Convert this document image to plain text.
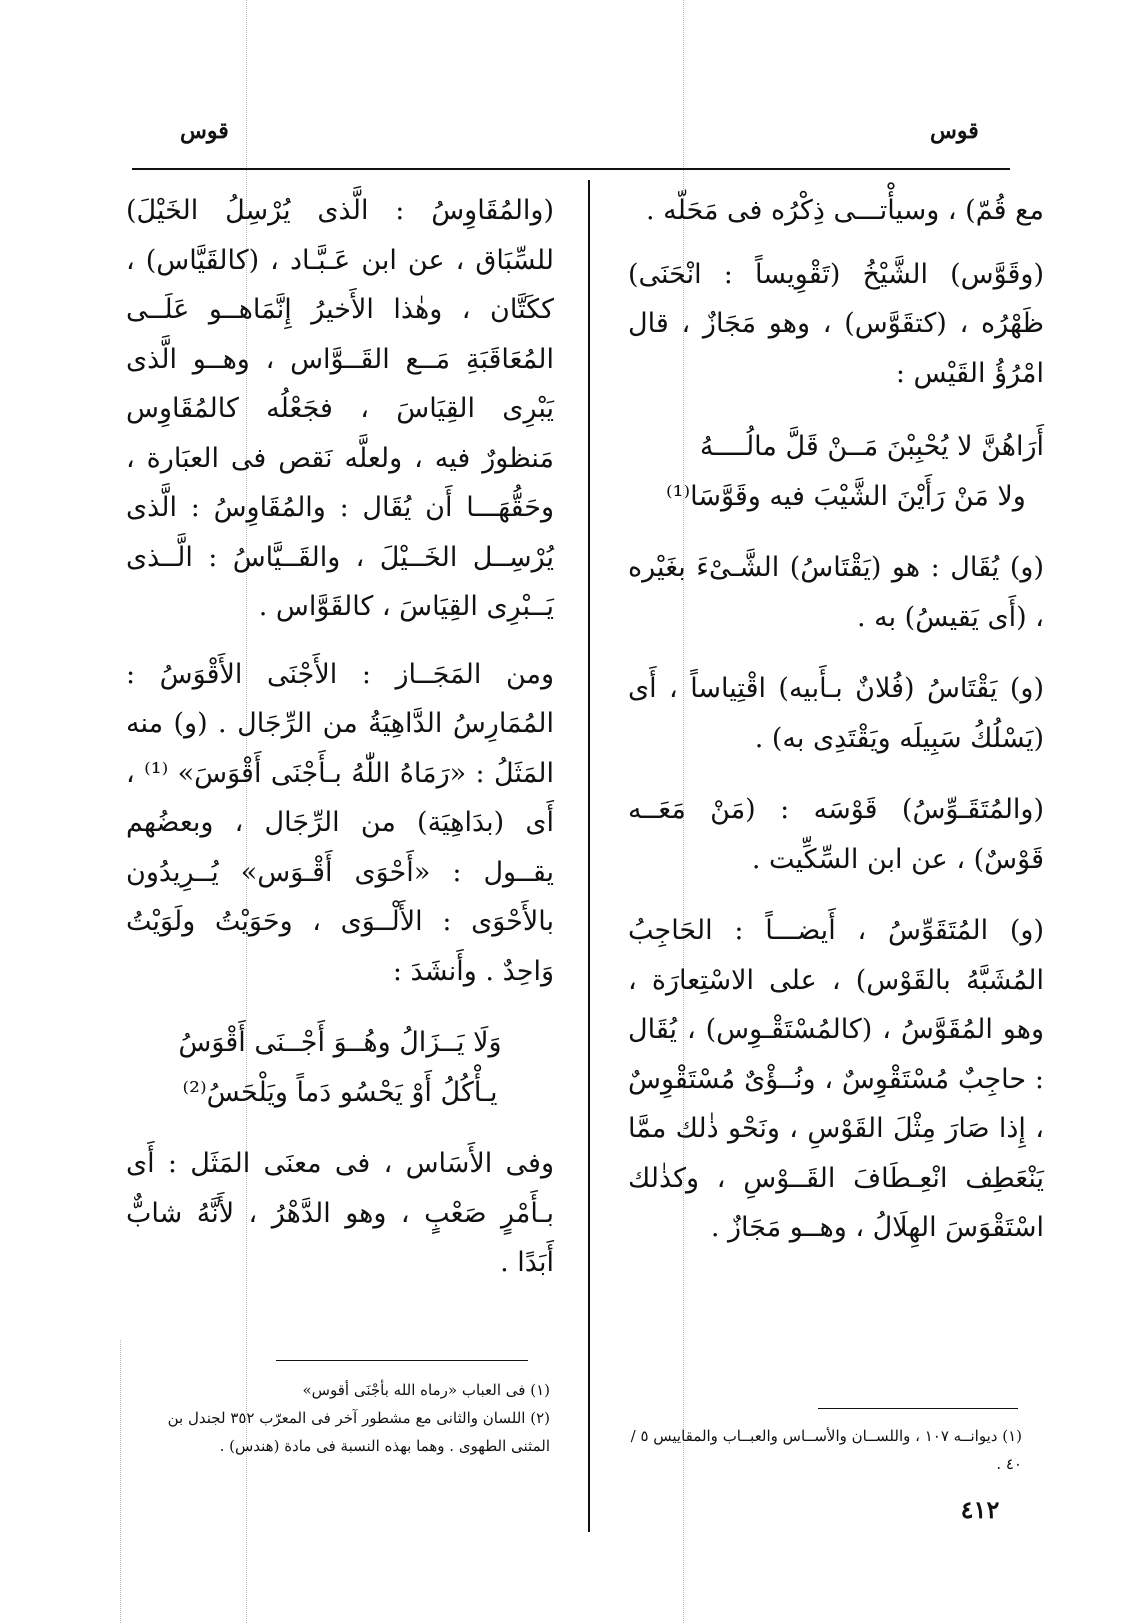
قوس
قوس

مع قُمّ) ، وسيأْتـــى ذِكْرُه فى مَحَلّه .

(وقَوَّس) الشَّيْخُ (تَقْوِيساً : انْحَنَى) ظَهْرُه ، (كتقَوَّس) ، وهو مَجَازٌ ، قال امْرُؤُ القَيْس :

أَرَاهُنَّ لا يُحْبِبْنَ مَــنْ قَلَّ مالُــــهُ

ولا مَنْ رَأَيْنَ الشَّيْبَ فيه وقَوَّسَا⁽¹⁾

(و) يُقَال : هو (يَقْتَاسُ) الشَّـىْءَ بغَيْره ، (أَى يَقيسُ) به .

(و) يَقْتَاسُ (فُلانٌ بـأَبيه) اقْتِياساً ، أَى (يَسْلُكُ سَبِيلَه ويَقْتَدِى به) .

(والمُتَقَـوِّسُ) قَوْسَه : (مَنْ مَعَــه قَوْسٌ) ، عن ابن السِّكِّيت .

(و) المُتَقَوِّسُ ، أَيضـــاً : الحَاجِبُ المُشَبَّهُ بالقَوْس) ، على الاسْتِعارَة ، وهو المُقَوَّسُ ، (كالمُسْتَقْـوِس) ، يُقَال : حاجِبٌ مُسْتَقْوِسٌ ، ونُــؤْىٌ مُسْتَقْوِسٌ ، إِذا صَارَ مِثْلَ القَوْسِ ، ونَحْو ذٰلك ممَّا يَنْعَطِف انْعِـطَافَ القَــوْسِ ، وكذٰلك اسْتَقْوَسَ الهِلَالُ ، وهــو مَجَازٌ .

(والمُقَاوِسُ : الَّذى يُرْسِلُ الخَيْلَ) للسِّبَاق ، عن ابن عَـبَّـاد ، (كالقَيَّاس) ، ككَتَّان ، وهٰذا الأَخيرُ إِنَّمَاهــو عَلَــى المُعَاقَبَةِ مَــع القَــوَّاس ، وهــو الَّذى يَبْرِى القِيَاسَ ، فجَعْلُه كالمُقَاوِس مَنظورٌ فيه ، ولعلَّه نَقص فى العبَارة ، وحَقُّهَـــا أَن يُقَال : والمُقَاوِسُ : الَّذى يُرْسِــل الخَــيْلَ ، والقَــيَّاسُ : الَّــذى يَــبْرِى القِيَاسَ ، كالقَوَّاس .

ومن المَجَــاز : الأَجْنَى الأَقْوَسُ : المُمَارِسُ الدَّاهِيَةُ من الرِّجَال . (و) منه المَثَلُ : «رَمَاهُ اللّٰهُ بـأَجْنَى أَقْوَسَ» ⁽¹⁾ ، أَى (بدَاهِيَة) من الرِّجَال ، وبعضُهم يقــول : «أَحْوَى أَقْـوَس» يُــرِيدُون بالأَحْوَى : الأَلْــوَى ، وحَوَيْتُ ولَوَيْتُ وَاحِدٌ . وأَنشَدَ :

وَلَا يَــزَالُ وهُــوَ أَجْــنَى أَقْوَسُ

يـأْكُلُ أَوْ يَحْسُو دَماً ويَلْحَسُ⁽²⁾

وفى الأَسَاس ، فى معنَى المَثَل : أَى بـأَمْرٍ صَعْبٍ ، وهو الدَّهْرُ ، لأَنَّهُ شابٌّ أَبَدًا .

(١) فى العباب «رماه الله بأجْنَى أقوس»

(٢) اللسان والثانى مع مشطور آخر فى المعرّب ٣٥٢ لجندل بن المثنى الطهوى . وهما بهذه النسبة فى مادة (هندس) .

(١) ديوانــه ١٠٧ ، واللســان والأســاس والعبــاب والمقاييس ٥ / ٤٠ .

٤١٢
